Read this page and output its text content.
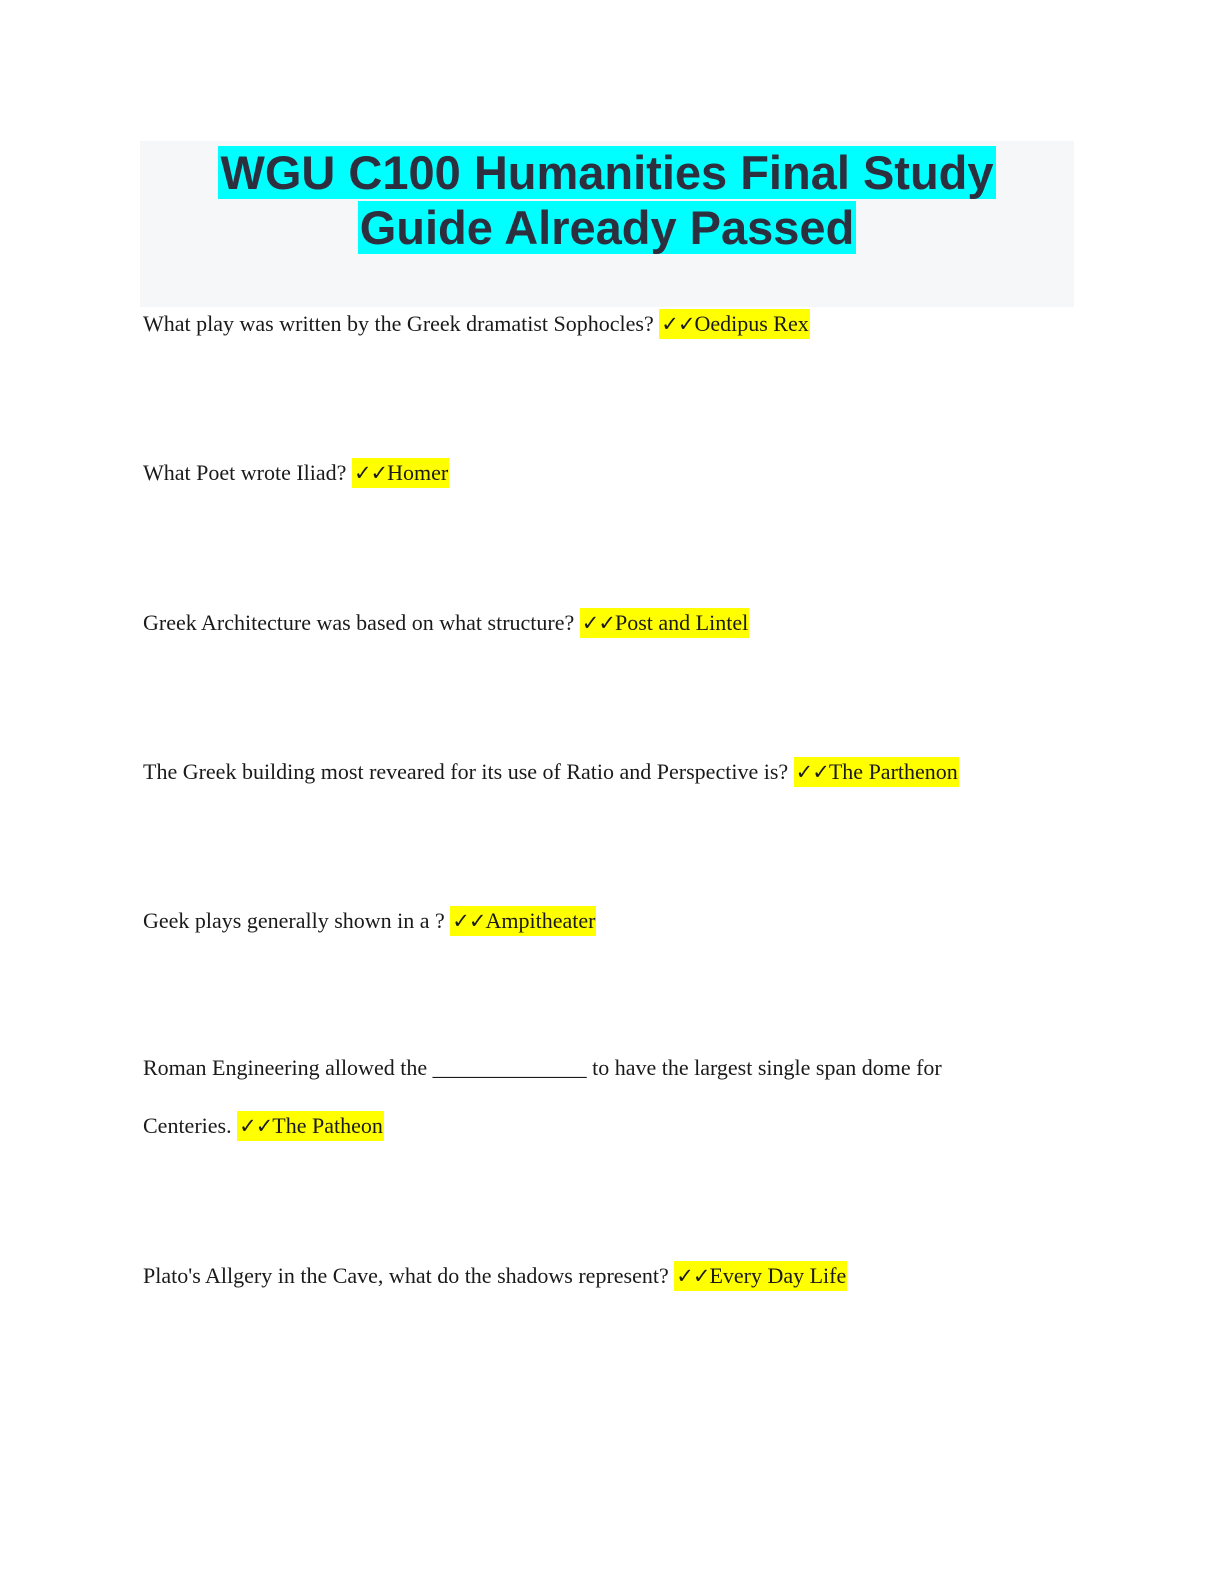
WGU C100 Humanities Final Study
Guide Already Passed
What play was written by the Greek dramatist Sophocles? ✓✓Oedipus Rex
What Poet wrote Iliad? ✓✓Homer
Greek Architecture was based on what structure? ✓✓Post and Lintel
The Greek building most reveared for its use of Ratio and Perspective is? ✓✓The Parthenon
Geek plays generally shown in a ? ✓✓Ampitheater
Roman Engineering allowed the ______________ to have the largest single span dome for
Centeries. ✓✓The Patheon
Plato's Allgery in the Cave, what do the shadows represent? ✓✓Every Day Life
